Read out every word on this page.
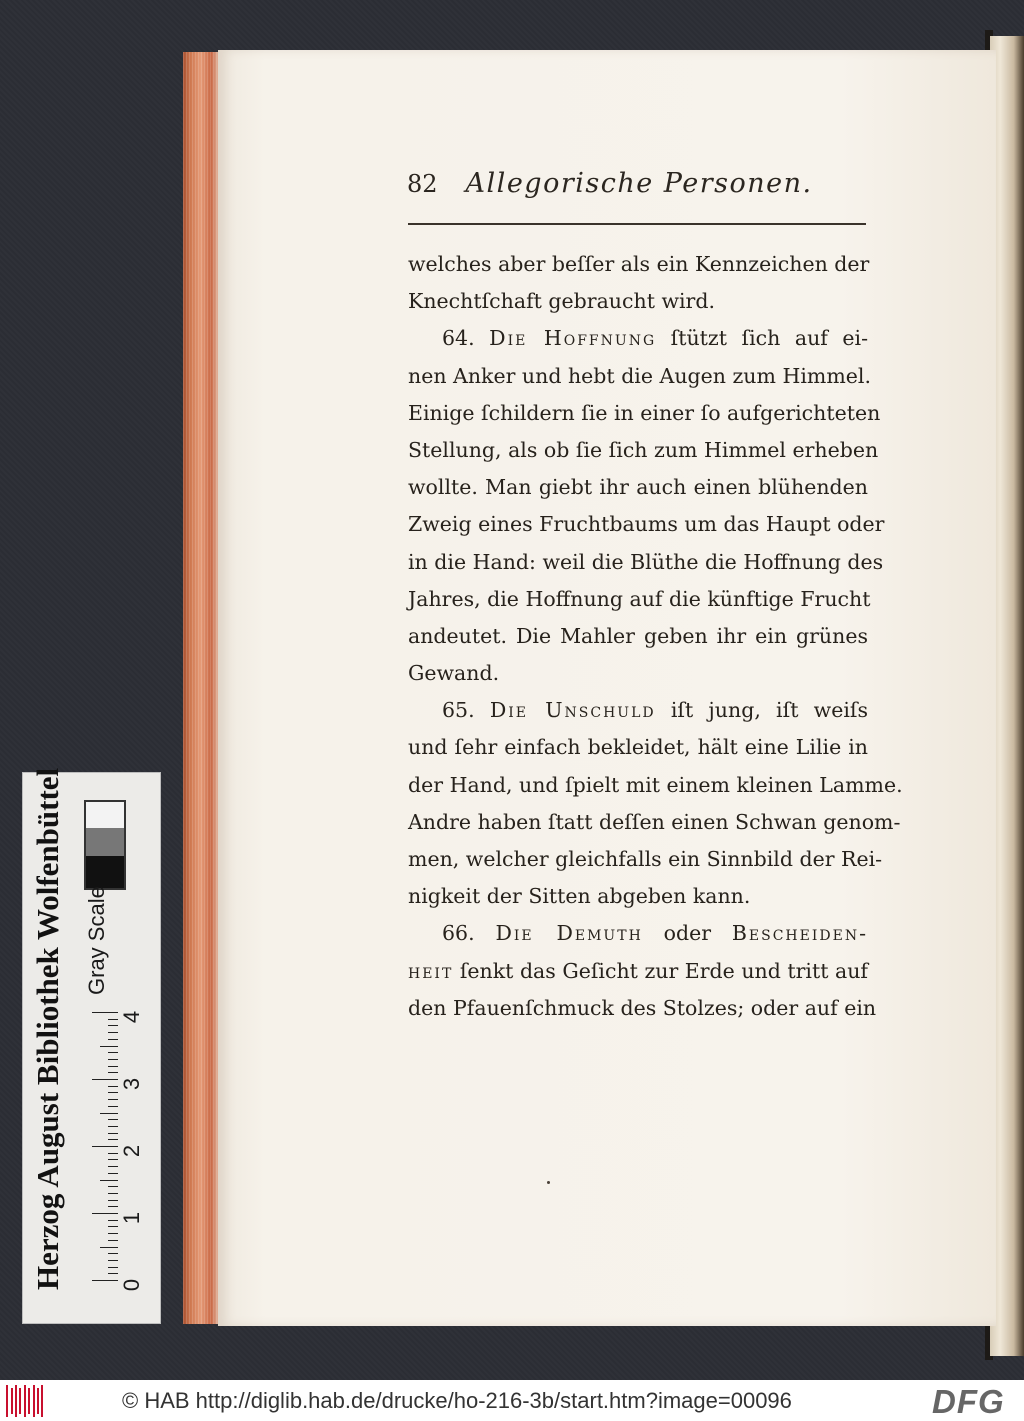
82 Allegorische Personen.
welches aber beſſer als ein Kennzeichen der
Knechtſchaft gebraucht wird.
64. Die Hoffnung ſtützt ſich auf ei-
nen Anker und hebt die Augen zum Himmel.
Einige ſchildern ſie in einer ſo aufgerichteten
Stellung, als ob ſie ſich zum Himmel erheben
wollte. Man giebt ihr auch einen blühenden
Zweig eines Fruchtbaums um das Haupt oder
in die Hand: weil die Blüthe die Hoffnung des
Jahres, die Hoffnung auf die künftige Frucht
andeutet. Die Mahler geben ihr ein grünes
Gewand.
65. Die Unschuld iſt jung, iſt weiſs
und ſehr einfach bekleidet, hält eine Lilie in
der Hand, und ſpielt mit einem kleinen Lamme.
Andre haben ſtatt deſſen einen Schwan genom-
men, welcher gleichfalls ein Sinnbild der Rei-
nigkeit der Sitten abgeben kann.
66. Die Demuth oder Bescheiden-
heit ſenkt das Geſicht zur Erde und tritt auf
den Pfauenſchmuck des Stolzes; oder auf ein
Herzog August Bibliothek Wolfenbüttel Gray Scale
0
1
2
3
4
© HAB http://diglib.hab.de/drucke/ho-216-3b/start.htm?image=00096	DFG
